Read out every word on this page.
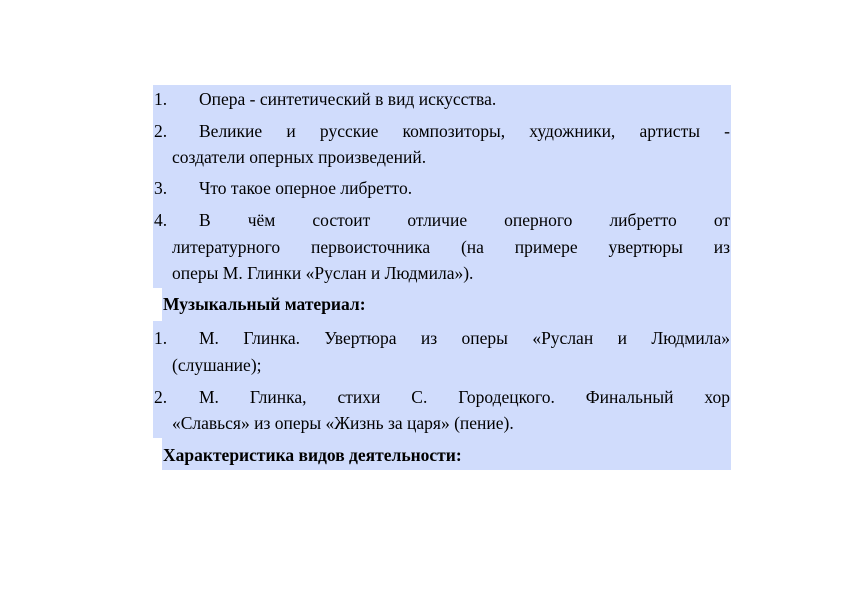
1. Опера - синтетический в вид искусства.
2. Великие и русские композиторы, художники, артисты -
создатели оперных произведений.
3. Что такое оперное либретто.
4. В чём состоит отличие оперного либретто от
литературного первоисточника (на примере увертюры из
оперы М. Глинки «Руслан и Людмила»).
Музыкальный материал:
1. М. Глинка. Увертюра из оперы «Руслан и Людмила»
(слушание);
2. М. Глинка, стихи С. Городецкого. Финальный хор
«Славься» из оперы «Жизнь за царя» (пение).
Характеристика видов деятельности:
